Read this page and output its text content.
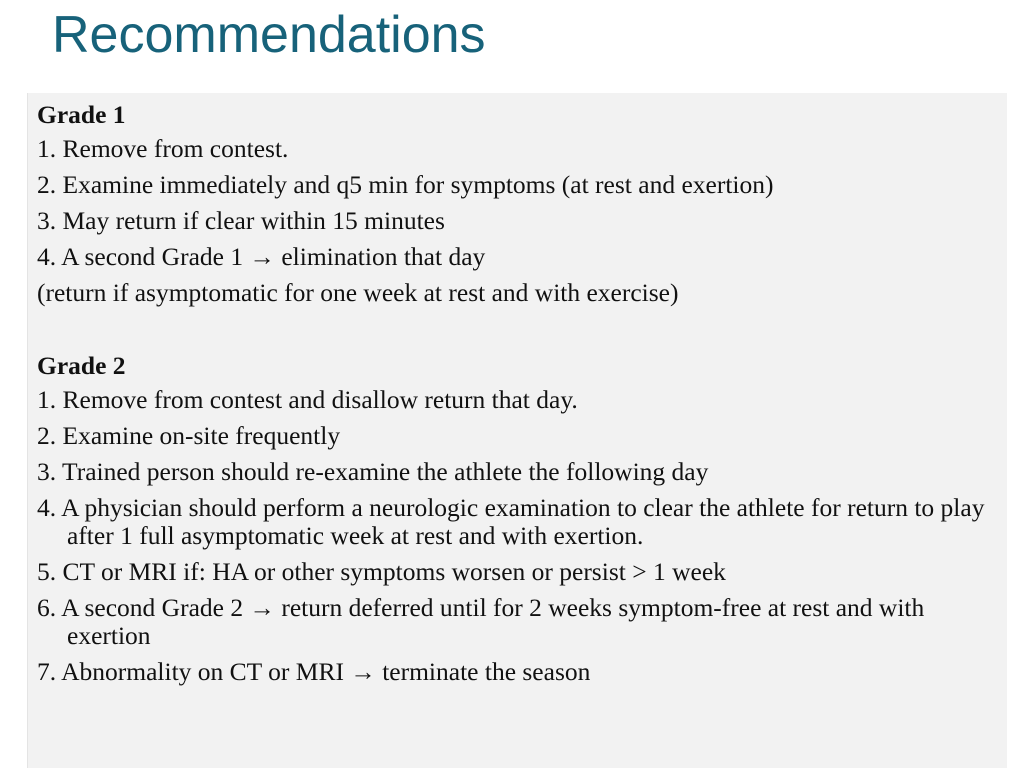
Recommendations
Grade 1
1. Remove from contest.
2. Examine immediately and q5 min for symptoms (at rest and exertion)
3. May return if clear within 15 minutes
4. A second Grade 1 → elimination that day
(return if asymptomatic for one week at rest and with exercise)
Grade 2
1. Remove from contest and disallow return that day.
2. Examine on-site frequently
3. Trained person should re-examine the athlete the following day
4. A physician should perform a neurologic examination to clear the athlete for return to play after 1 full asymptomatic week at rest and with exertion.
5. CT or MRI if: HA or other symptoms worsen or persist > 1 week
6. A second Grade 2 → return deferred until for 2 weeks symptom-free at rest and with exertion
7. Abnormality on CT or MRI → terminate the season
